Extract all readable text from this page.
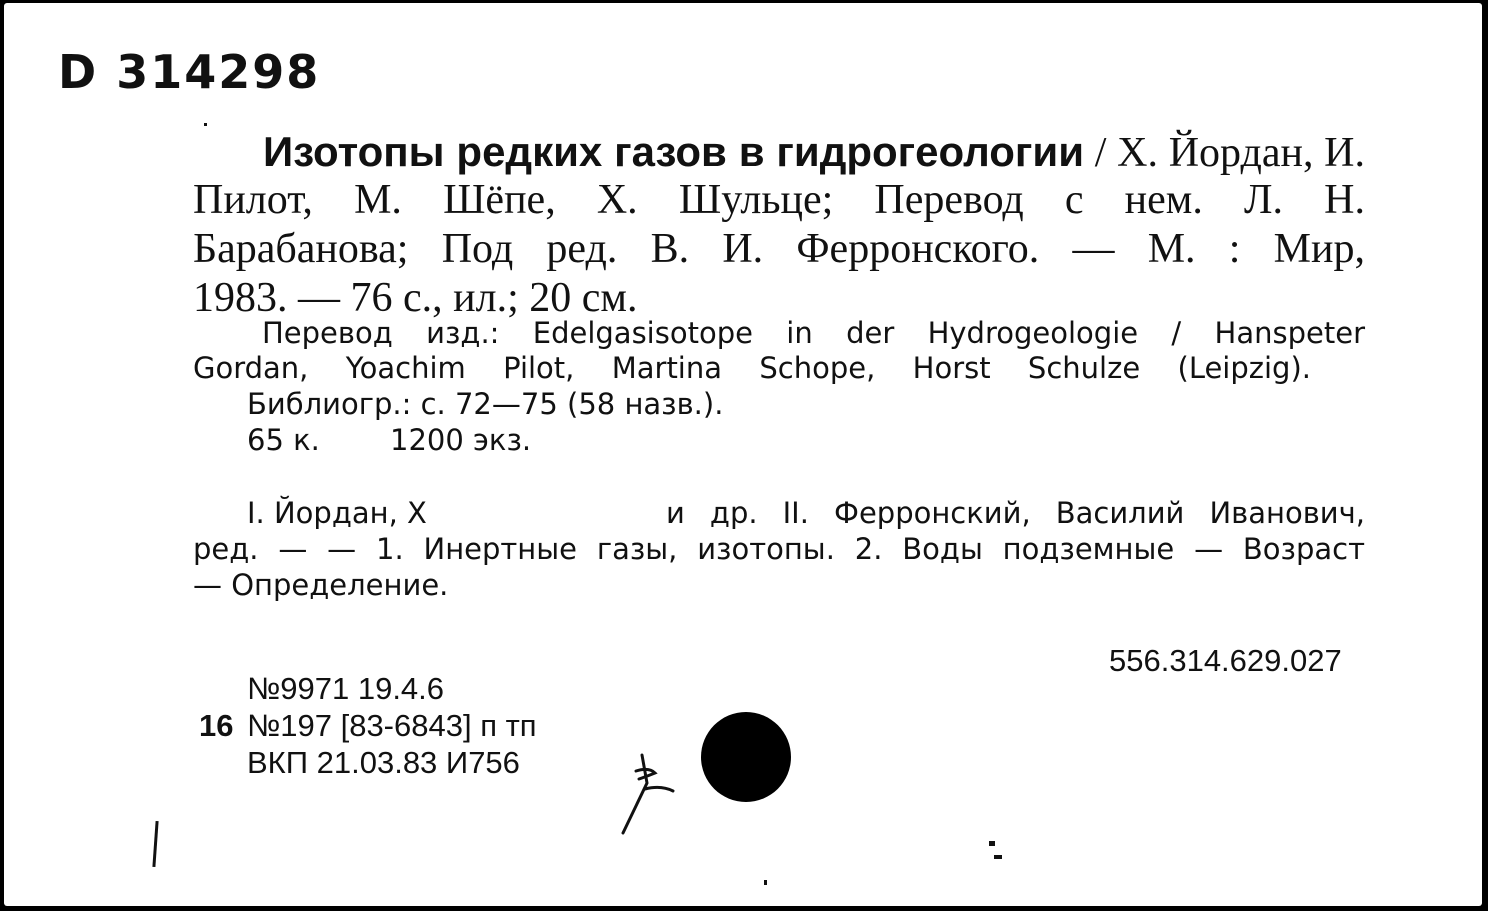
D 314298
Изотопы редких газов в гидрогеологии / Х. Йордан, И.
Пилот, М. Шёпе, Х. Шульце; Перевод с нем. Л. Н.
Барабанова; Под ред. В. И. Ферронского. — М. : Мир,
1983. — 76 с., ил.; 20 см.
Перевод изд.: Edelgasisotope in der Hydrogeologie / Hanspeter
Gordan, Yoachim Pilot, Martina Schope, Horst Schulze (Leipzig).
Библиогр.: с. 72—75 (58 назв.).
65 к. 1200 экз.
I. Йордан, Х	и др. II. Ферронский, Василий Иванович,
ред. — — 1. Инертные газы, изотопы. 2. Воды подземные — Возраст
— Определение.
556.314.629.027
№9971 19.4.6
16 №197 [83-6843] п тп
ВКП 21.03.83 И756
